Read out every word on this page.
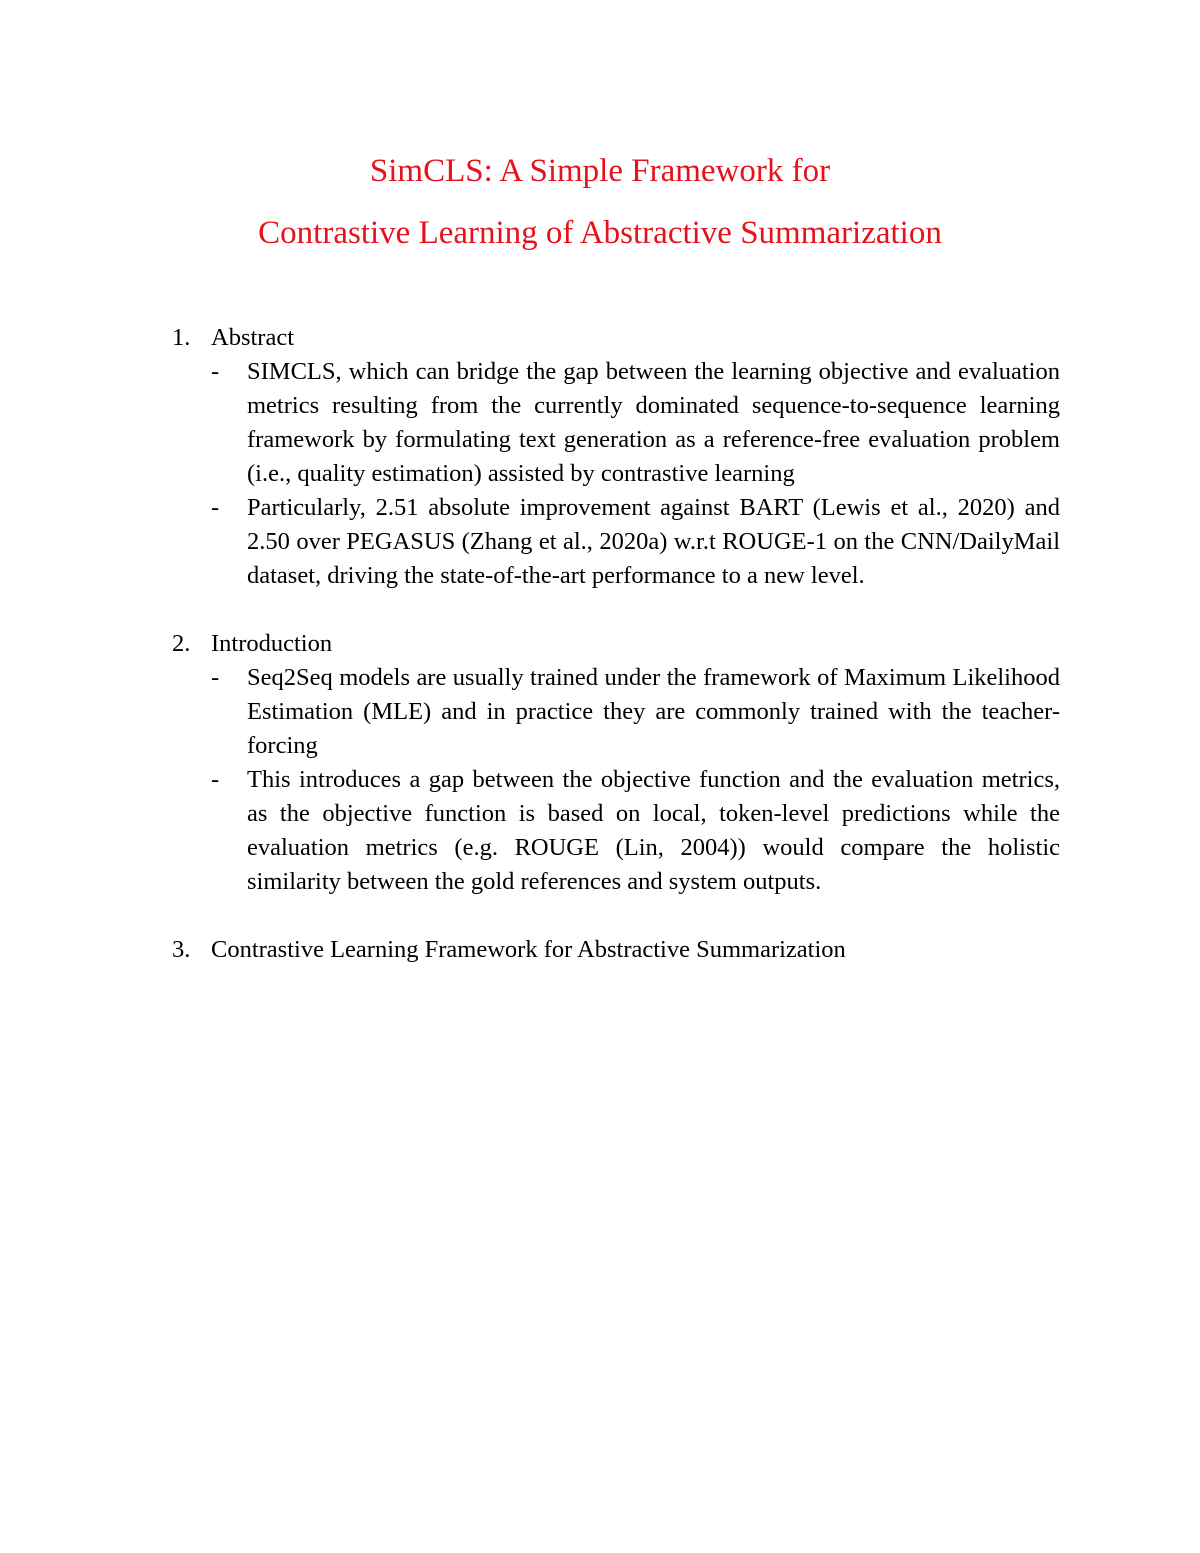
SimCLS: A Simple Framework for
Contrastive Learning of Abstractive Summarization
1. Abstract
-	SIMCLS, which can bridge the gap between the learning objective and evaluation metrics resulting from the currently dominated sequence-to-sequence learning framework by formulating text generation as a reference-free evaluation problem (i.e., quality estimation) assisted by contrastive learning
-	Particularly, 2.51 absolute improvement against BART (Lewis et al., 2020) and 2.50 over PEGASUS (Zhang et al., 2020a) w.r.t ROUGE-1 on the CNN/DailyMail dataset, driving the state-of-the-art performance to a new level.
2. Introduction
-	Seq2Seq models are usually trained under the framework of Maximum Likelihood Estimation (MLE) and in practice they are commonly trained with the teacher-forcing
-	This introduces a gap between the objective function and the evaluation metrics, as the objective function is based on local, token-level predictions while the evaluation metrics (e.g. ROUGE (Lin, 2004)) would compare the holistic similarity between the gold references and system outputs.
3. Contrastive Learning Framework for Abstractive Summarization
